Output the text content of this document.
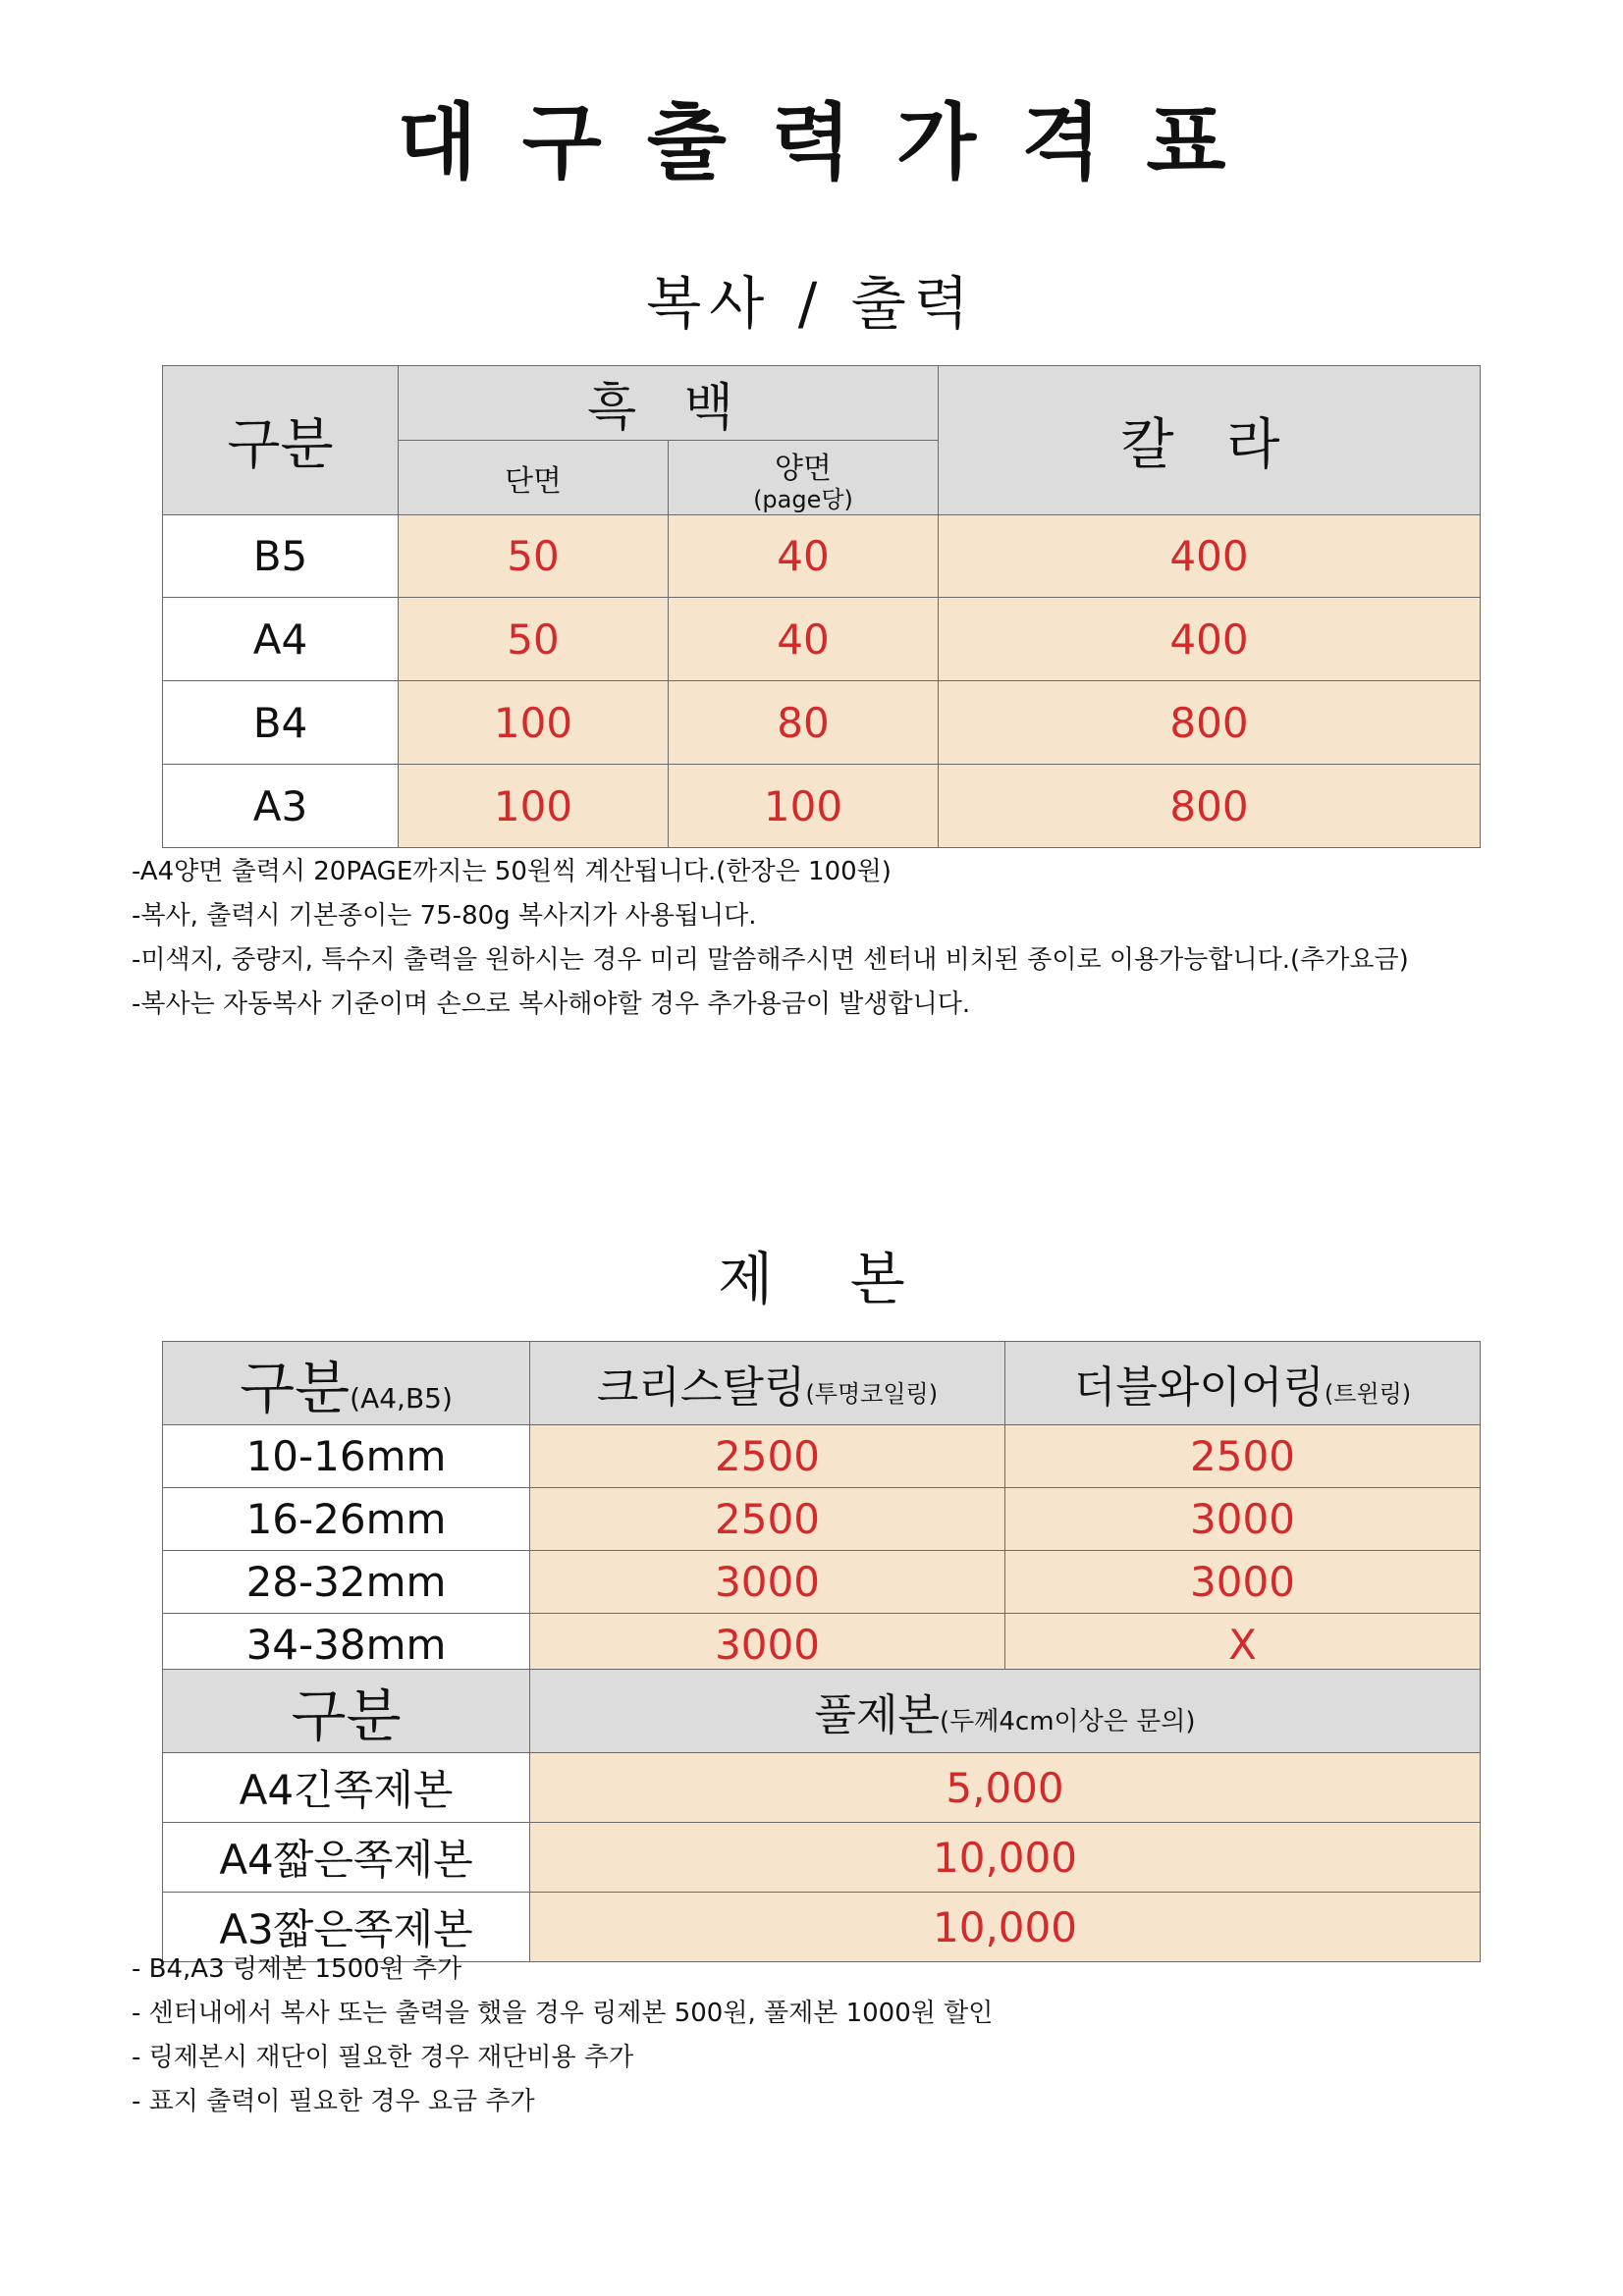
대구출력가격표
복사 / 출력
구분	흑 백		칼 라
	단면	양면
(page당)	

B5	50	40	400
A4	50	40	400
B4	100	80	800
A3	100	100	800
-A4양면 출력시 20PAGE까지는 50원씩 계산됩니다.(한장은 100원)
-복사, 출력시 기본종이는 75-80g 복사지가 사용됩니다.
-미색지, 중량지, 특수지 출력을 원하시는 경우 미리 말씀해주시면 센터내 비치된 종이로 이용가능합니다.(추가요금)
-복사는 자동복사 기준이며 손으로 복사해야할 경우 추가용금이 발생합니다.
제 본
구분(A4,B5)	크리스탈링(투명코일링)	더블와이어링(트윈링)
10-16mm	2500	2500
16-26mm	2500	3000
28-32mm	3000	3000
34-38mm	3000	X
구분	풀제본(두께4cm이상은 문의)
A4긴쪽제본	5,000
A4짧은쪽제본	10,000
A3짧은쪽제본	10,000
- B4,A3 링제본 1500원 추가
- 센터내에서 복사 또는 출력을 했을 경우 링제본 500원, 풀제본 1000원 할인
- 링제본시 재단이 필요한 경우 재단비용 추가
- 표지 출력이 필요한 경우 요금 추가
